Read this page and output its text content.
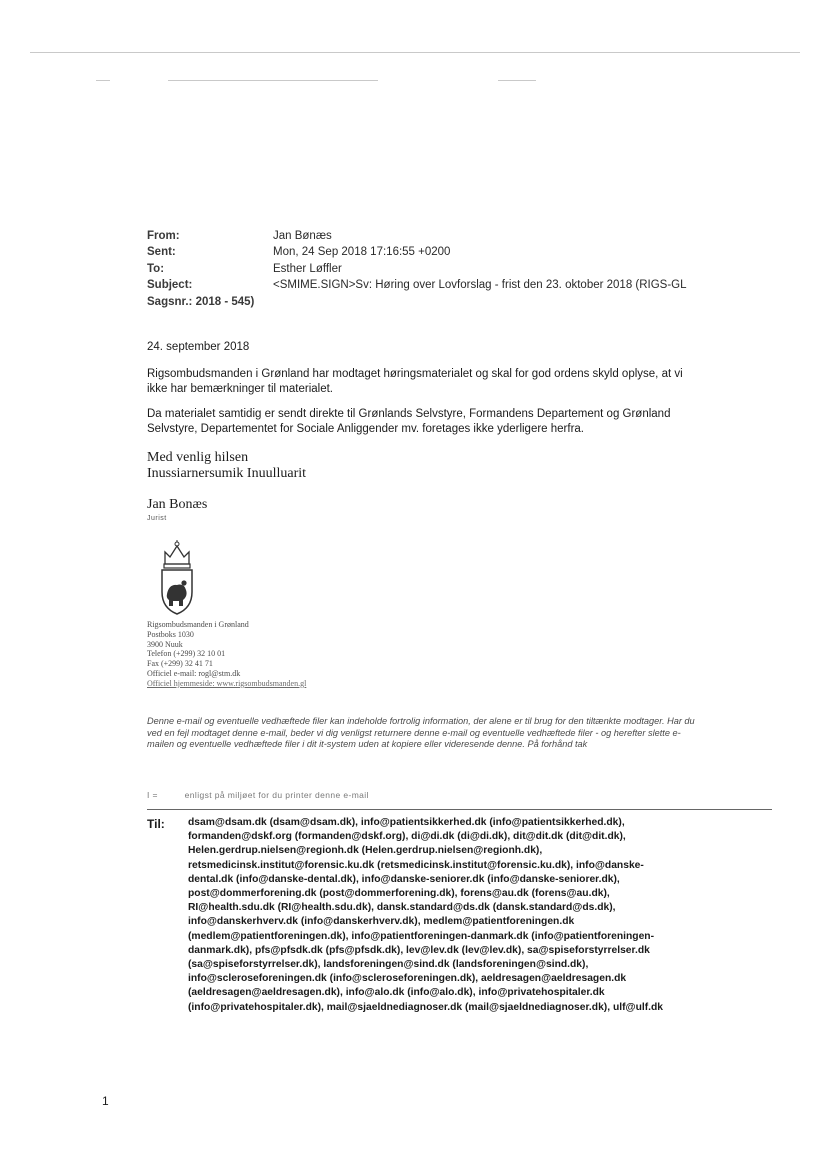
From:	Jan Bønæs
Sent:	Mon, 24 Sep 2018 17:16:55 +0200
To:	Esther Løffler
Subject:	<SMIME.SIGN>Sv: Høring over Lovforslag - frist den 23. oktober 2018 (RIGS-GL
Sagsnr.: 2018 - 545)
24. september 2018
Rigsombudsmanden i Grønland har modtaget høringsmaterialet og skal for god ordens skyld oplyse, at vi ikke har bemærkninger til materialet.
Da materialet samtidig er sendt direkte til Grønlands Selvstyre, Formandens Departement og Grønland Selvstyre, Departementet for Sociale Anliggender mv. foretages ikke yderligere herfra.
Med venlig hilsen
Inussiarnersumik Inuulluarit
Jan Bonæs
Jurist
Rigsombudsmanden i Grønland
Postboks 1030
3900 Nuuk
Telefon (+299) 32 10 01
Fax (+299) 32 41 71
Officiel e-mail: rogl@stm.dk
Officiel hjemmeside: www.rigsombudsmanden.gl
Denne e-mail og eventuelle vedhæftede filer kan indeholde fortrolig information, der alene er til brug for den tiltænkte modtager. Har du ved en fejl modtaget denne e-mail, beder vi dig venligst returnere denne e-mail og eventuelle vedhæftede filer - og herefter slette e-mailen og eventuelle vedhæftede filer i dit it-system uden at kopiere eller videresende denne. På forhånd tak
I =	enligst på miljøet for du printer denne e-mail
Til: dsam@dsam.dk (dsam@dsam.dk), info@patientsikkerhed.dk (info@patientsikkerhed.dk),
formanden@dskf.org (formanden@dskf.org), di@di.dk (di@di.dk), dit@dit.dk (dit@dit.dk),
Helen.gerdrup.nielsen@regionh.dk (Helen.gerdrup.nielsen@regionh.dk),
retsmedicinsk.institut@forensic.ku.dk (retsmedicinsk.institut@forensic.ku.dk), info@danske-
dental.dk (info@danske-dental.dk), info@danske-seniorer.dk (info@danske-seniorer.dk),
post@dommerforening.dk (post@dommerforening.dk), forens@au.dk (forens@au.dk),
RI@health.sdu.dk (RI@health.sdu.dk), dansk.standard@ds.dk (dansk.standard@ds.dk),
info@danskerhverv.dk (info@danskerhverv.dk), medlem@patientforeningen.dk
(medlem@patientforeningen.dk), info@patientforeningen-danmark.dk (info@patientforeningen-
danmark.dk), pfs@pfsdk.dk (pfs@pfsdk.dk), lev@lev.dk (lev@lev.dk), sa@spiseforstyrrelser.dk
(sa@spiseforstyrrelser.dk), landsforeningen@sind.dk (landsforeningen@sind.dk),
info@scleroseforeningen.dk (info@scleroseforeningen.dk), aeldresagen@aeldresagen.dk
(aeldresagen@aeldresagen.dk), info@alo.dk (info@alo.dk), info@privatehospitaler.dk
(info@privatehospitaler.dk), mail@sjaeldnediagnoser.dk (mail@sjaeldnediagnoser.dk), ulf@ulf.dk
1
